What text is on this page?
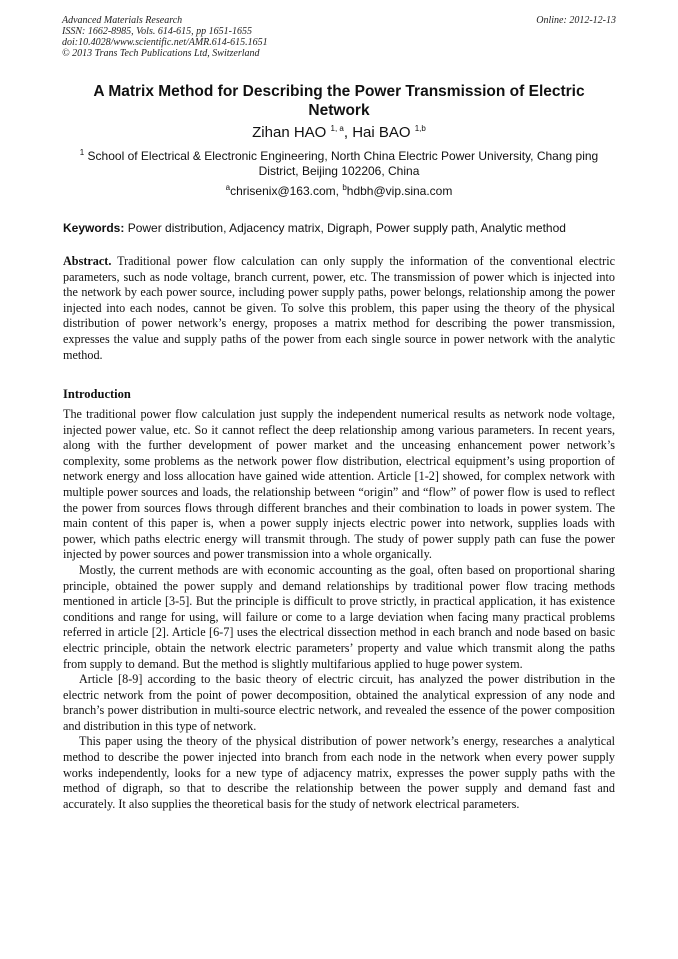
Advanced Materials Research
ISSN: 1662-8985, Vols. 614-615, pp 1651-1655
doi:10.4028/www.scientific.net/AMR.614-615.1651
© 2013 Trans Tech Publications Ltd, Switzerland
Online: 2012-12-13
A Matrix Method for Describing the Power Transmission of Electric Network
Zihan HAO $^{1, a}$, Hai BAO $^{1,b}$
$^1$ School of Electrical & Electronic Engineering, North China Electric Power University, Chang ping District, Beijing 102206, China
$^a$chrisenix@163.com, $^b$hdbh@vip.sina.com
Keywords: Power distribution, Adjacency matrix, Digraph, Power supply path, Analytic method
Abstract. Traditional power flow calculation can only supply the information of the conventional electric parameters, such as node voltage, branch current, power, etc. The transmission of power which is injected into the network by each power source, including power supply paths, power belongs, relationship among the power injected into each nodes, cannot be given. To solve this problem, this paper using the theory of the physical distribution of power network’s energy, proposes a matrix method for describing the power transmission, expresses the value and supply paths of the power from each single source in power network with the analytic method.
Introduction

The traditional power flow calculation just supply the independent numerical results as network node voltage, injected power value, etc. So it cannot reflect the deep relationship among various parameters. In recent years, along with the further development of power market and the unceasing enhancement power network’s complexity, some problems as the network power flow distribution, electrical equipment’s using proportion of network energy and loss allocation have gained wide attention. Article [1-2] showed, for complex network with multiple power sources and loads, the relationship between “origin” and “flow” of power flow is used to reflect the power from sources flows through different branches and their combination to loads in power system. The main content of this paper is, when a power supply injects electric power into network, supplies loads with power, which paths electric energy will transmit through. The study of power supply path can fuse the power injected by power sources and power transmission into a whole organically.

Mostly, the current methods are with economic accounting as the goal, often based on proportional sharing principle, obtained the power supply and demand relationships by traditional power flow tracing methods mentioned in article [3-5]. But the principle is difficult to prove strictly, in practical application, it has existence conditions and range for using, will failure or come to a large deviation when facing many practical problems referred in article [2]. Article [6-7] uses the electrical dissection method in each branch and node based on basic electric principle, obtain the network electric parameters’ property and value which transmit along the paths from supply to demand. But the method is slightly multifarious applied to huge power system.

Article [8-9] according to the basic theory of electric circuit, has analyzed the power distribution in the electric network from the point of power decomposition, obtained the analytical expression of any node and branch’s power distribution in multi-source electric network, and revealed the essence of the power composition and distribution in this type of network.

This paper using the theory of the physical distribution of power network’s energy, researches a analytical method to describe the power injected into branch from each node in the network when every power supply works independently, looks for a new type of adjacency matrix, expresses the power supply paths with the method of digraph, so that to describe the relationship between the power supply and demand fast and accurately. It also supplies the theoretical basis for the study of network electrical parameters.
